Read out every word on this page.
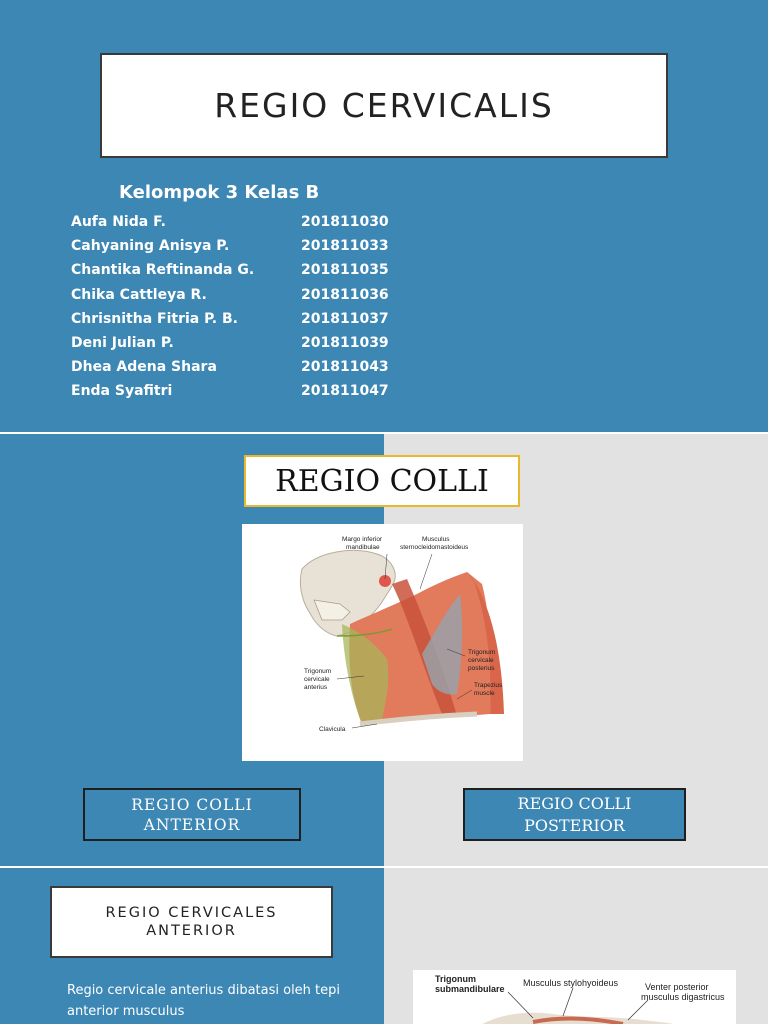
REGIO CERVICALIS
Kelompok 3 Kelas B
Aufa Nida F.	201811030
Cahyaning Anisya P.	201811033
Chantika Reftinanda G.	201811035
Chika Cattleya R.	201811036
Chrisnitha Fitria P. B.	201811037
Deni Julian P.	201811039
Dhea Adena Shara	201811043
Enda Syafitri	201811047
REGIO COLLI
Margo inferior
mandibulae
Musculus
sternocleidomastoideus
Trigonum
cervicale
posterius
Trapezius
muscle
Trigonum
cervicale
anterius
Clavicula
REGIO COLLI
ANTERIOR
REGIO COLLI
POSTERIOR
REGIO CERVICALES
ANTERIOR
Regio cervicale anterius dibatasi oleh tepi anterior musculus
Trigonum
submandibulare
Musculus stylohyoideus	Venter posterior
musculus digastricus
